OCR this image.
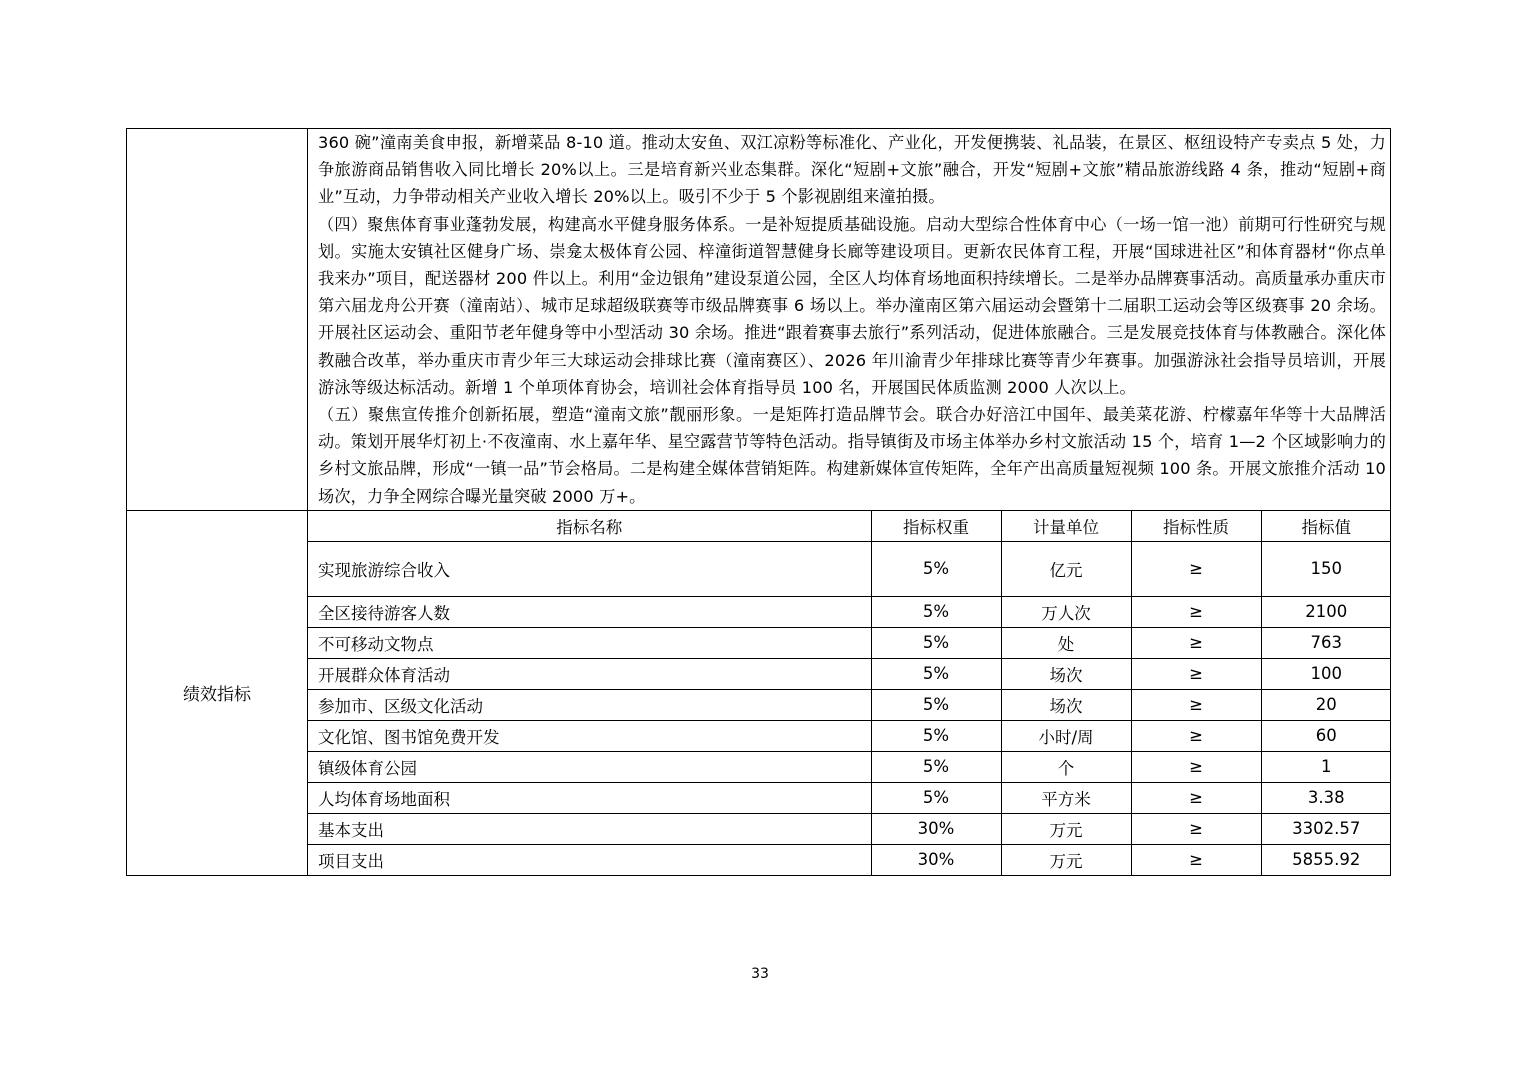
360 碗”潼南美食申报，新增菜品 8-10 道。推动太安鱼、双江凉粉等标准化、产业化，开发便携装、礼品装，在景区、枢纽设特产专卖点 5 处，力争旅游商品销售收入同比增长 20%以上。三是培育新兴业态集群。深化“短剧+文旅”融合，开发“短剧+文旅”精品旅游线路 4 条，推动“短剧+商业”互动，力争带动相关产业收入增长 20%以上。吸引不少于 5 个影视剧组来潼拍摄。

（四）聚焦体育事业蓬勃发展，构建高水平健身服务体系。一是补短提质基础设施。启动大型综合性体育中心（一场一馆一池）前期可行性研究与规划。实施太安镇社区健身广场、崇龛太极体育公园、梓潼街道智慧健身长廊等建设项目。更新农民体育工程，开展“国球进社区”和体育器材“你点单我来办”项目，配送器材 200 件以上。利用“金边银角”建设泵道公园，全区人均体育场地面积持续增长。二是举办品牌赛事活动。高质量承办重庆市第六届龙舟公开赛（潼南站）、城市足球超级联赛等市级品牌赛事 6 场以上。举办潼南区第六届运动会暨第十二届职工运动会等区级赛事 20 余场。开展社区运动会、重阳节老年健身等中小型活动 30 余场。推进“跟着赛事去旅行”系列活动，促进体旅融合。三是发展竞技体育与体教融合。深化体教融合改革，举办重庆市青少年三大球运动会排球比赛（潼南赛区）、2026 年川渝青少年排球比赛等青少年赛事。加强游泳社会指导员培训，开展游泳等级达标活动。新增 1 个单项体育协会，培训社会体育指导员 100 名，开展国民体质监测 2000 人次以上。

（五）聚焦宣传推介创新拓展，塑造“潼南文旅”靓丽形象。一是矩阵打造品牌节会。联合办好涪江中国年、最美菜花游、柠檬嘉年华等十大品牌活动。策划开展华灯初上·不夜潼南、水上嘉年华、星空露营节等特色活动。指导镇街及市场主体举办乡村文旅活动 15 个，培育 1—2 个区域影响力的乡村文旅品牌，形成“一镇一品”节会格局。二是构建全媒体营销矩阵。构建新媒体宣传矩阵，全年产出高质量短视频 100 条。开展文旅推介活动 10 场次，力争全网综合曝光量突破 2000 万+。

绩效指标	
指标名称	指标权重	计量单位	指标性质	指标值
实现旅游综合收入	5%	亿元	≥	150
全区接待游客人数	5%	万人次	≥	2100
不可移动文物点	5%	处	≥	763
开展群众体育活动	5%	场次	≥	100
参加市、区级文化活动	5%	场次	≥	20
文化馆、图书馆免费开发	5%	小时/周	≥	60
镇级体育公园	5%	个	≥	1
人均体育场地面积	5%	平方米	≥	3.38
基本支出	30%	万元	≥	3302.57
项目支出	30%	万元	≥	5855.92
33
